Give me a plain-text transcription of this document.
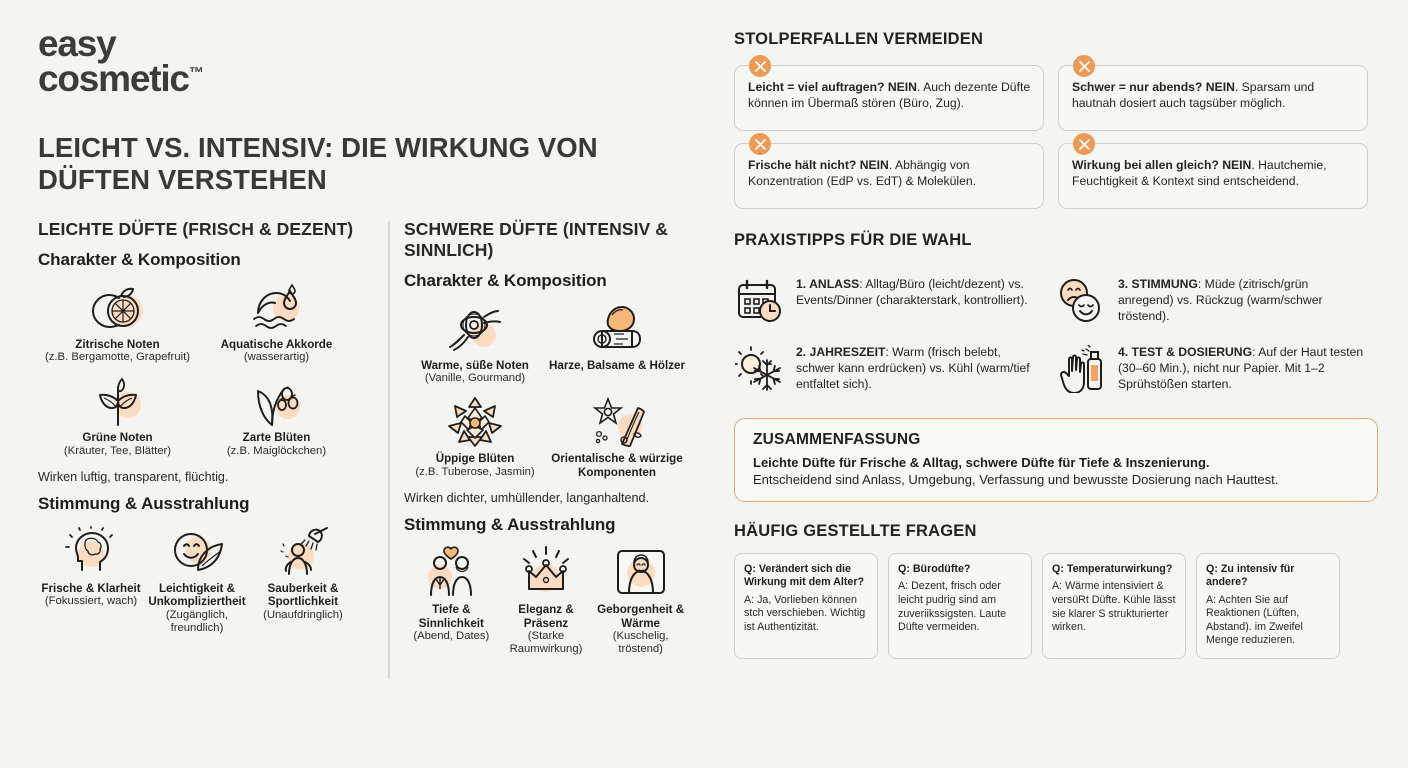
easy
cosmetic™
LEICHT VS. INTENSIV: DIE WIRKUNG VON DÜFTEN VERSTEHEN
LEICHTE DÜFTE (FRISCH & DEZENT)
Charakter & Komposition
Zitrische Noten
(z.B. Bergamotte, Grapefruit)
Aquatische Akkorde
(wasserartig)
Grüne Noten
(Kräuter, Tee, Blätter)
Zarte Blüten
(z.B. Maiglöckchen)
Wirken luftig, transparent, flüchtig.
Stimmung & Ausstrahlung
Frische & Klarheit
(Fokussiert, wach)
Leichtigkeit & Unkompliziertheit
(Zugänglich, freundlich)
Sauberkeit & Sportlichkeit
(Unaufdringlich)
SCHWERE DÜFTE (INTENSIV & SINNLICH)
Charakter & Komposition
Warme, süße Noten
(Vanille, Gourmand)
Harze, Balsame & Hölzer
Üppige Blüten
(z.B. Tuberose, Jasmin)
Orientalische & würzige Komponenten
Wirken dichter, umhüllender, langanhaltend.
Stimmung & Ausstrahlung
Tiefe & Sinnlichkeit
(Abend, Dates)
Eleganz & Präsenz
(Starke Raumwirkung)
Geborgenheit & Wärme
(Kuschelig, tröstend)
STOLPERFALLEN VERMEIDEN
Leicht = viel auftragen? NEIN. Auch dezente Düfte können im Übermaß stören (Büro, Zug).
Schwer = nur abends? NEIN. Sparsam und hautnah dosiert auch tagsüber möglich.
Frische hält nicht? NEIN. Abhängig von Konzentration (EdP vs. EdT) & Molekülen.
Wirkung bei allen gleich? NEIN. Hautchemie, Feuchtigkeit & Kontext sind entscheidend.
PRAXISTIPPS FÜR DIE WAHL
1. ANLASS: Alltag/Büro (leicht/dezent) vs. Events/Dinner (charakterstark, kontrolliert).
3. STIMMUNG: Müde (zitrisch/grün anregend) vs. Rückzug (warm/schwer tröstend).
2. JAHRESZEIT: Warm (frisch belebt, schwer kann erdrücken) vs. Kühl (warm/tief entfaltet sich).
4. TEST & DOSIERUNG: Auf der Haut testen (30–60 Min.), nicht nur Papier. Mit 1–2 Sprühstößen starten.
ZUSAMMENFASSUNG
Leichte Düfte für Frische & Alltag, schwere Düfte für Tiefe & Inszenierung.
Entscheidend sind Anlass, Umgebung, Verfassung und bewusste Dosierung nach Hauttest.
HÄUFIG GESTELLTE FRAGEN
Q: Verändert sich die Wirkung mit dem Alter?
A: Ja, Vorlieben können stch verschieben. Wichtig ist Authentizität.
Q: Bürodüfte?
A: Dezent, frisch oder leicht pudrig sind am zuveriikssigsten. Laute Düfte vermeiden.
Q: Temperaturwirkung?
A: Wärme intensiviert & versüRt Düfte. Kühle lässt sie klarer S strukturierter wirken.
Q: Zu intensiv für andere?
A: Achten Sie auf Reaktionen (Lüften, Abstand). im Zweifel Menge reduzieren.
